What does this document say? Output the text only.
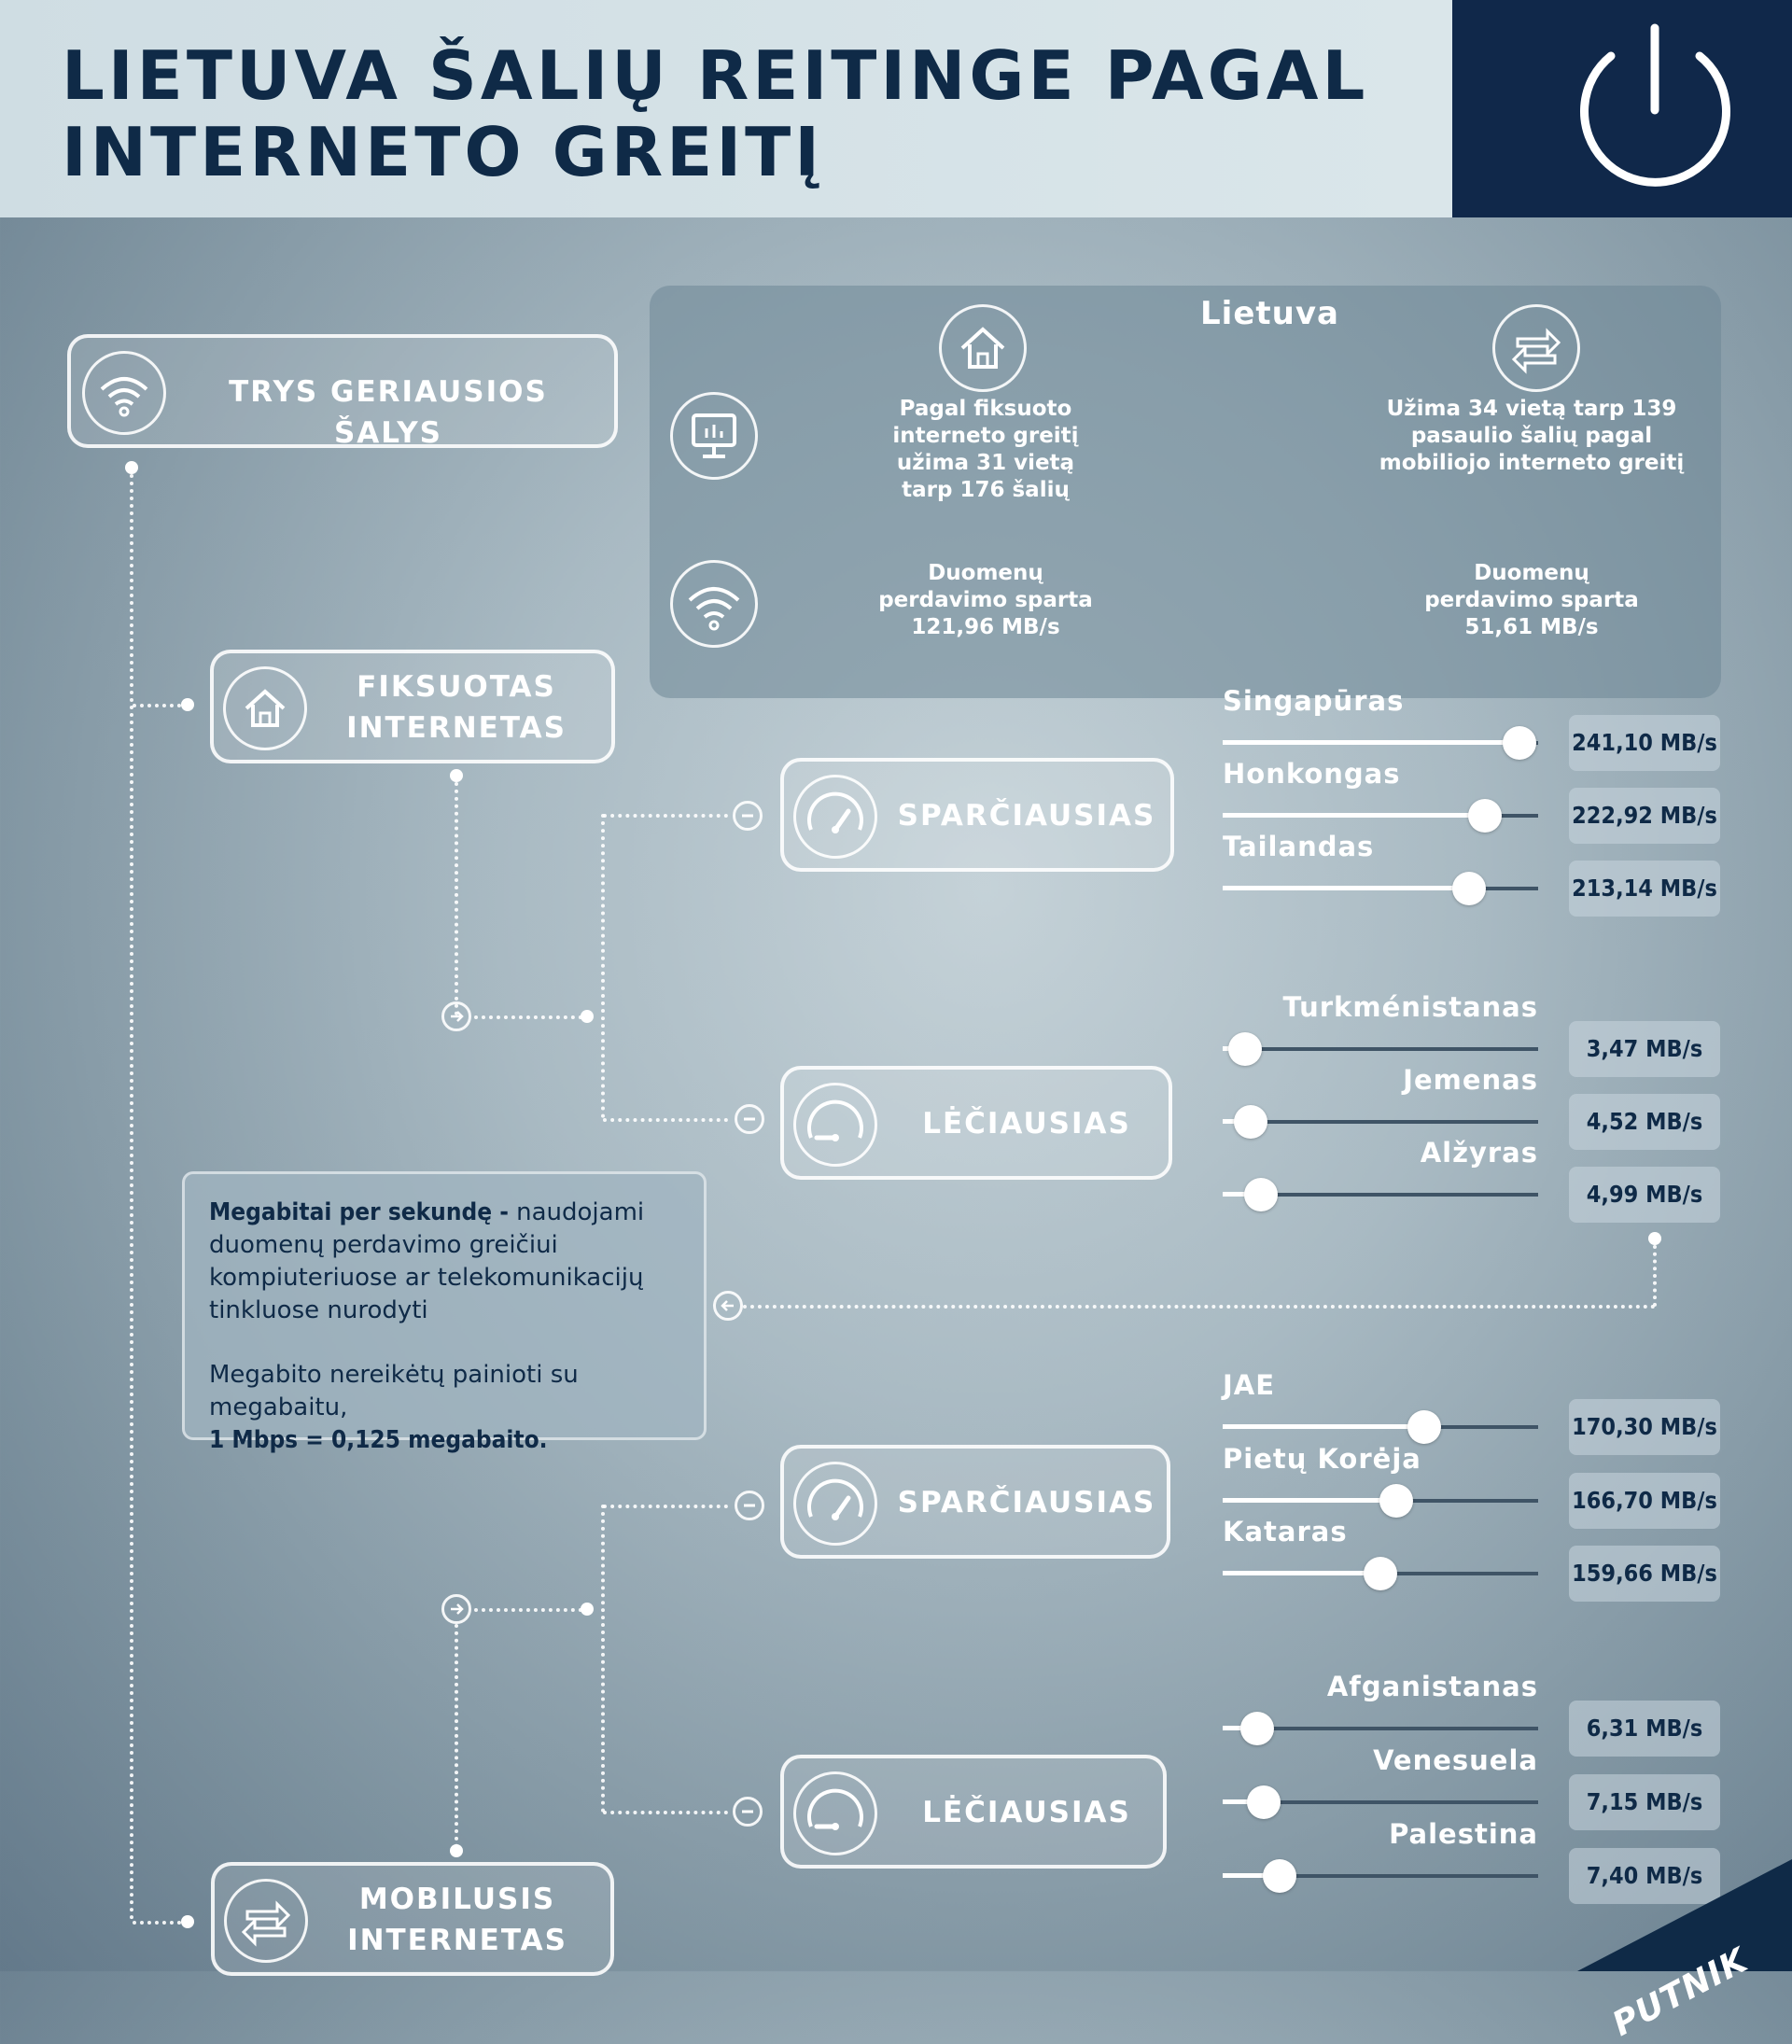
LIETUVA ŠALIŲ REITINGE PAGAL INTERNETO GREITĮ
TRYS GERIAUSIOS ŠALYS
Lietuva
Pagal fiksuoto interneto greitį užima 31 vietą tarp 176 šalių
Užima 34 vietą tarp 139 pasaulio šalių pagal mobiliojo interneto greitį
Duomenų perdavimo sparta 121,96 MB/s
Duomenų perdavimo sparta 51,61 MB/s
FIKSUOTAS INTERNETAS
SPARČIAUSIAS
LĖČIAUSIAS
SPARČIAUSIAS
LĖČIAUSIAS
MOBILUSIS INTERNETAS
Megabitai per sekundę - naudojami duomenų perdavimo greičiui kompiuteriuose ar telekomunikacijų tinkluose nurodyti
Megabito nereikėtų painioti su megabaitu,
1 Mbps = 0,125 megabaito.
Singapūras
241,10 MB/s
Honkongas
222,92 MB/s
Tailandas
213,14 MB/s
Turkménistanas
3,47 MB/s
Jemenas
4,52 MB/s
Alžyras
4,99 MB/s
JAE
170,30 MB/s
Pietų Korėja
166,70 MB/s
Kataras
159,66 MB/s
Afganistanas
6,31 MB/s
Venesuela
7,15 MB/s
Palestina
7,40 MB/s
PUTNIK
